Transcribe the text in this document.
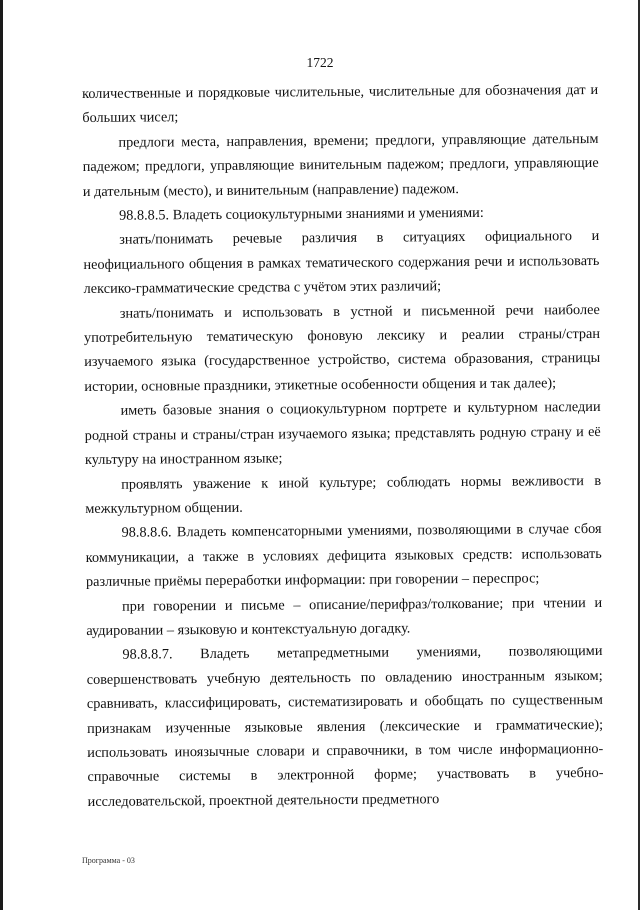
1722

количественные и порядковые числительные, числительные для обозначения дат и больших чисел;

предлоги места, направления, времени; предлоги, управляющие дательным падежом; предлоги, управляющие винительным падежом; предлоги, управляющие и дательным (место), и винительным (направление) падежом.

98.8.8.5. Владеть социокультурными знаниями и умениями:

знать/понимать речевые различия в ситуациях официального и неофициального общения в рамках тематического содержания речи и использовать лексико-грамматические средства с учётом этих различий;

знать/понимать и использовать в устной и письменной речи наиболее употребительную тематическую фоновую лексику и реалии страны/стран изучаемого языка (государственное устройство, система образования, страницы истории, основные праздники, этикетные особенности общения и так далее);

иметь базовые знания о социокультурном портрете и культурном наследии родной страны и страны/стран изучаемого языка; представлять родную страну и её культуру на иностранном языке;

проявлять уважение к иной культуре; соблюдать нормы вежливости в межкультурном общении.

98.8.8.6. Владеть компенсаторными умениями, позволяющими в случае сбоя коммуникации, а также в условиях дефицита языковых средств: использовать различные приёмы переработки информации: при говорении – переспрос;

при говорении и письме – описание/перифраз/толкование; при чтении и аудировании – языковую и контекстуальную догадку.

98.8.8.7. Владеть метапредметными умениями, позволяющими совершенствовать учебную деятельность по овладению иностранным языком; сравнивать, классифицировать, систематизировать и обобщать по существенным признакам изученные языковые явления (лексические и грамматические); использовать иноязычные словари и справочники, в том числе информационно-справочные системы в электронной форме; участвовать в учебно-исследовательской, проектной деятельности предметного

Программа - 03
